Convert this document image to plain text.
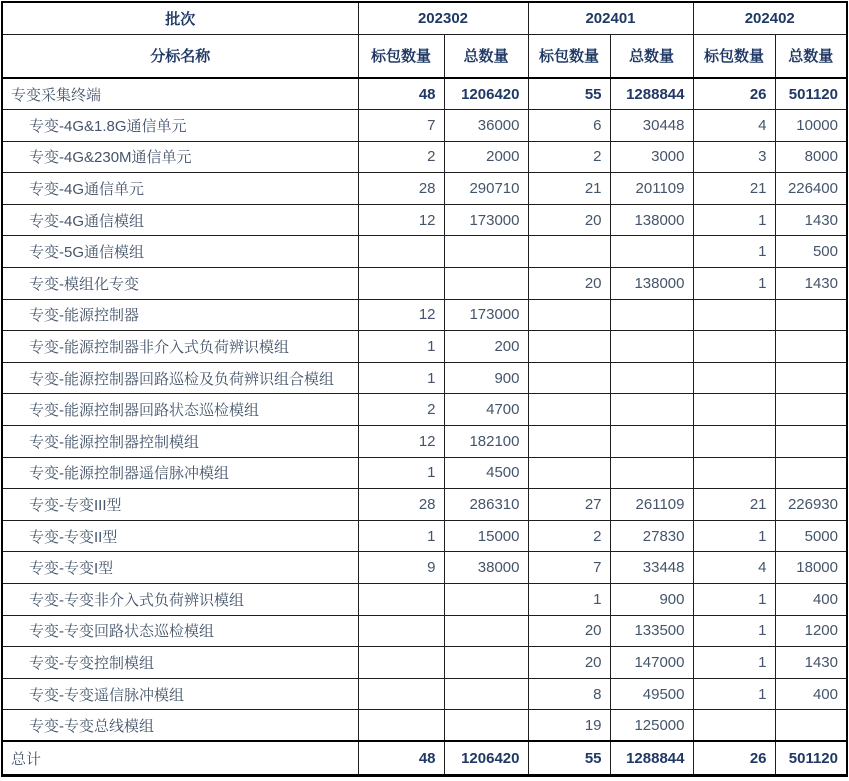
批次	202302		202401		202402	
分标名称	标包数量	总数量	标包数量	总数量	标包数量	总数量
专变采集终端	48	1206420	55	1288844	26	501120
专变-4G&1.8G通信单元	7	36000	6	30448	4	10000
专变-4G&230M通信单元	2	2000	2	3000	3	8000
专变-4G通信单元	28	290710	21	201109	21	226400
专变-4G通信模组	12	173000	20	138000	1	1430
专变-5G通信模组					1	500
专变-模组化专变			20	138000	1	1430
专变-能源控制器	12	173000				
专变-能源控制器非介入式负荷辨识模组	1	200				
专变-能源控制器回路巡检及负荷辨识组合模组	1	900				
专变-能源控制器回路状态巡检模组	2	4700				
专变-能源控制器控制模组	12	182100				
专变-能源控制器遥信脉冲模组	1	4500				
专变-专变III型	28	286310	27	261109	21	226930
专变-专变II型	1	15000	2	27830	1	5000
专变-专变I型	9	38000	7	33448	4	18000
专变-专变非介入式负荷辨识模组			1	900	1	400
专变-专变回路状态巡检模组			20	133500	1	1200
专变-专变控制模组			20	147000	1	1430
专变-专变遥信脉冲模组			8	49500	1	400
专变-专变总线模组			19	125000		
总计	48	1206420	55	1288844	26	501120
